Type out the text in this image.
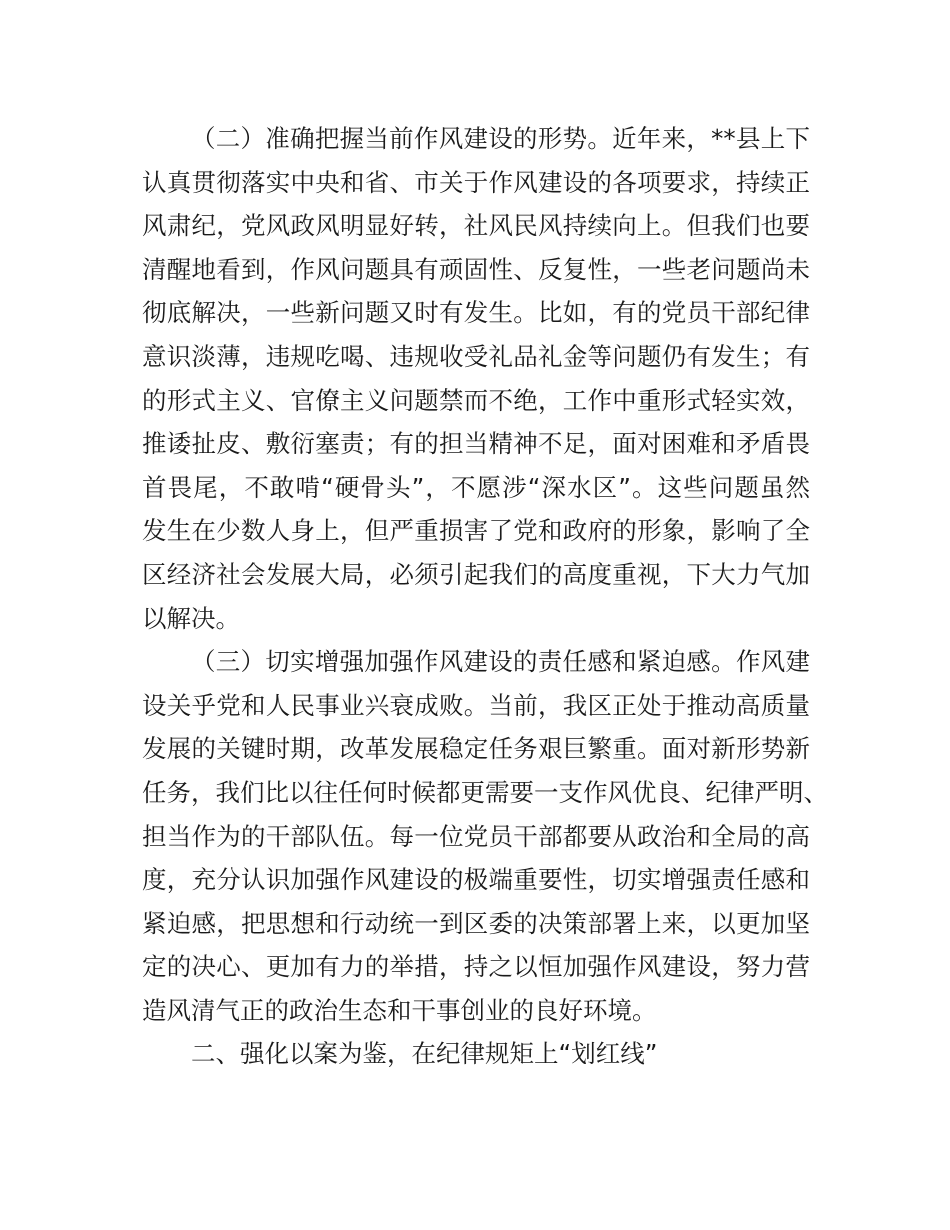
（二）准确把握当前作风建设的形势。近年来，**县上下
认真贯彻落实中央和省、市关于作风建设的各项要求，持续正
风肃纪，党风政风明显好转，社风民风持续向上。但我们也要
清醒地看到，作风问题具有顽固性、反复性，一些老问题尚未
彻底解决，一些新问题又时有发生。比如，有的党员干部纪律
意识淡薄，违规吃喝、违规收受礼品礼金等问题仍有发生；有
的形式主义、官僚主义问题禁而不绝，工作中重形式轻实效，
推诿扯皮、敷衍塞责；有的担当精神不足，面对困难和矛盾畏
首畏尾，不敢啃“硬骨头”，不愿涉“深水区”。这些问题虽然
发生在少数人身上，但严重损害了党和政府的形象，影响了全
区经济社会发展大局，必须引起我们的高度重视，下大力气加
以解决。
（三）切实增强加强作风建设的责任感和紧迫感。作风建
设关乎党和人民事业兴衰成败。当前，我区正处于推动高质量
发展的关键时期，改革发展稳定任务艰巨繁重。面对新形势新
任务，我们比以往任何时候都更需要一支作风优良、纪律严明、
担当作为的干部队伍。每一位党员干部都要从政治和全局的高
度，充分认识加强作风建设的极端重要性，切实增强责任感和
紧迫感，把思想和行动统一到区委的决策部署上来，以更加坚
定的决心、更加有力的举措，持之以恒加强作风建设，努力营
造风清气正的政治生态和干事创业的良好环境。
二、强化以案为鉴，在纪律规矩上“划红线”
